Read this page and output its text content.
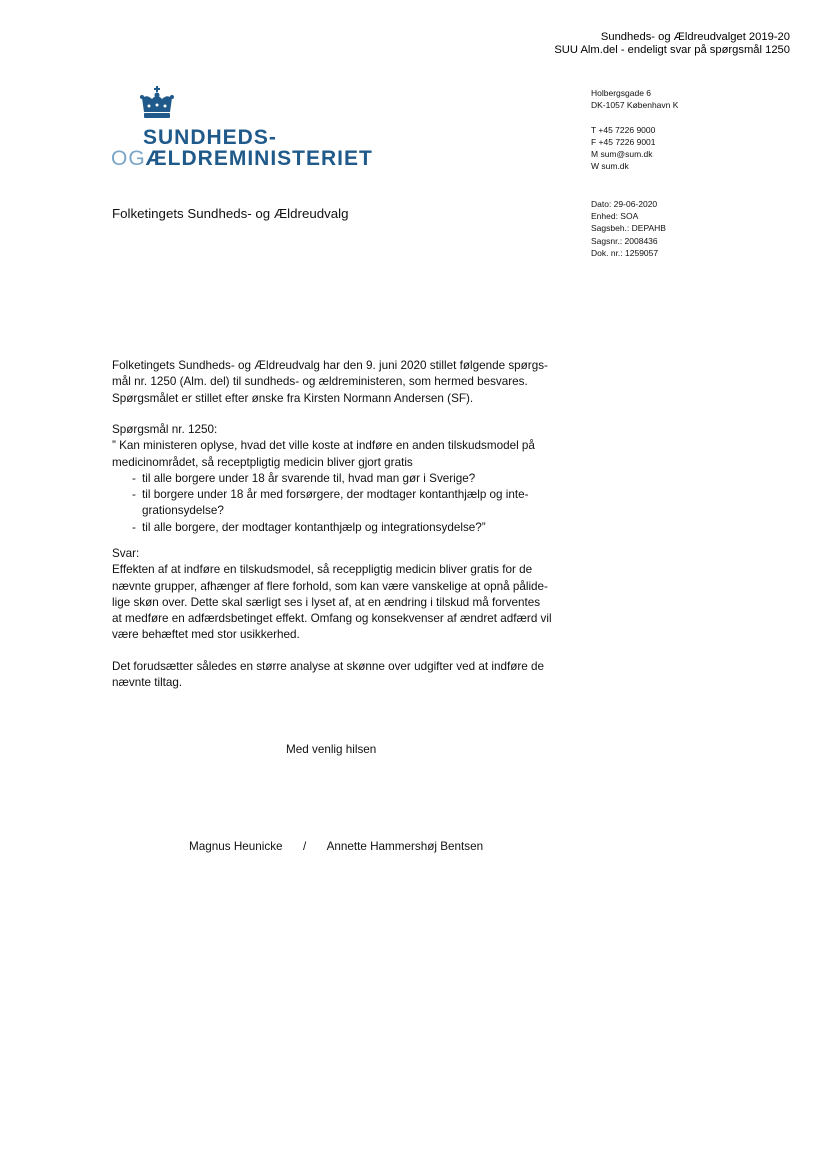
Sundheds- og Ældreudvalget 2019-20
SUU Alm.del - endeligt svar på spørgsmål 1250
SUNDHEDS-
OGÆLDREMINISTERIET
Holbergsgade 6
DK-1057 København K
T +45 7226 9000
F +45 7226 9001
M sum@sum.dk
W sum.dk
Dato: 29-06-2020
Enhed: SOA
Sagsbeh.: DEPAHB
Sagsnr.: 2008436
Dok. nr.: 1259057
Folketingets Sundheds- og Ældreudvalg

Folketingets Sundheds- og Ældreudvalg har den 9. juni 2020 stillet følgende spørgs-mål nr. 1250 (Alm. del) til sundheds- og ældreministeren, som hermed besvares. Spørgsmålet er stillet efter ønske fra Kirsten Normann Andersen (SF).

Spørgsmål nr. 1250:
” Kan ministeren oplyse, hvad det ville koste at indføre en anden tilskudsmodel på medicinområdet, så receptpligtig medicin bliver gjort gratis
- til alle borgere under 18 år svarende til, hvad man gør i Sverige?
- til borgere under 18 år med forsørgere, der modtager kontanthjælp og inte-grationsydelse?
- til alle borgere, der modtager kontanthjælp og integrationsydelse?”
Svar:

Effekten af at indføre en tilskudsmodel, så receppligtig medicin bliver gratis for de nævnte grupper, afhænger af flere forhold, som kan være vanskelige at opnå pålide-lige skøn over. Dette skal særligt ses i lyset af, at en ændring i tilskud må forventes at medføre en adfærdsbetinget effekt. Omfang og konsekvenser af ændret adfærd vil være behæftet med stor usikkerhed.

Det forudsætter således en større analyse at skønne over udgifter ved at indføre de nævnte tiltag.

Med venlig hilsen
Magnus Heunicke / Annette Hammershøj Bentsen
